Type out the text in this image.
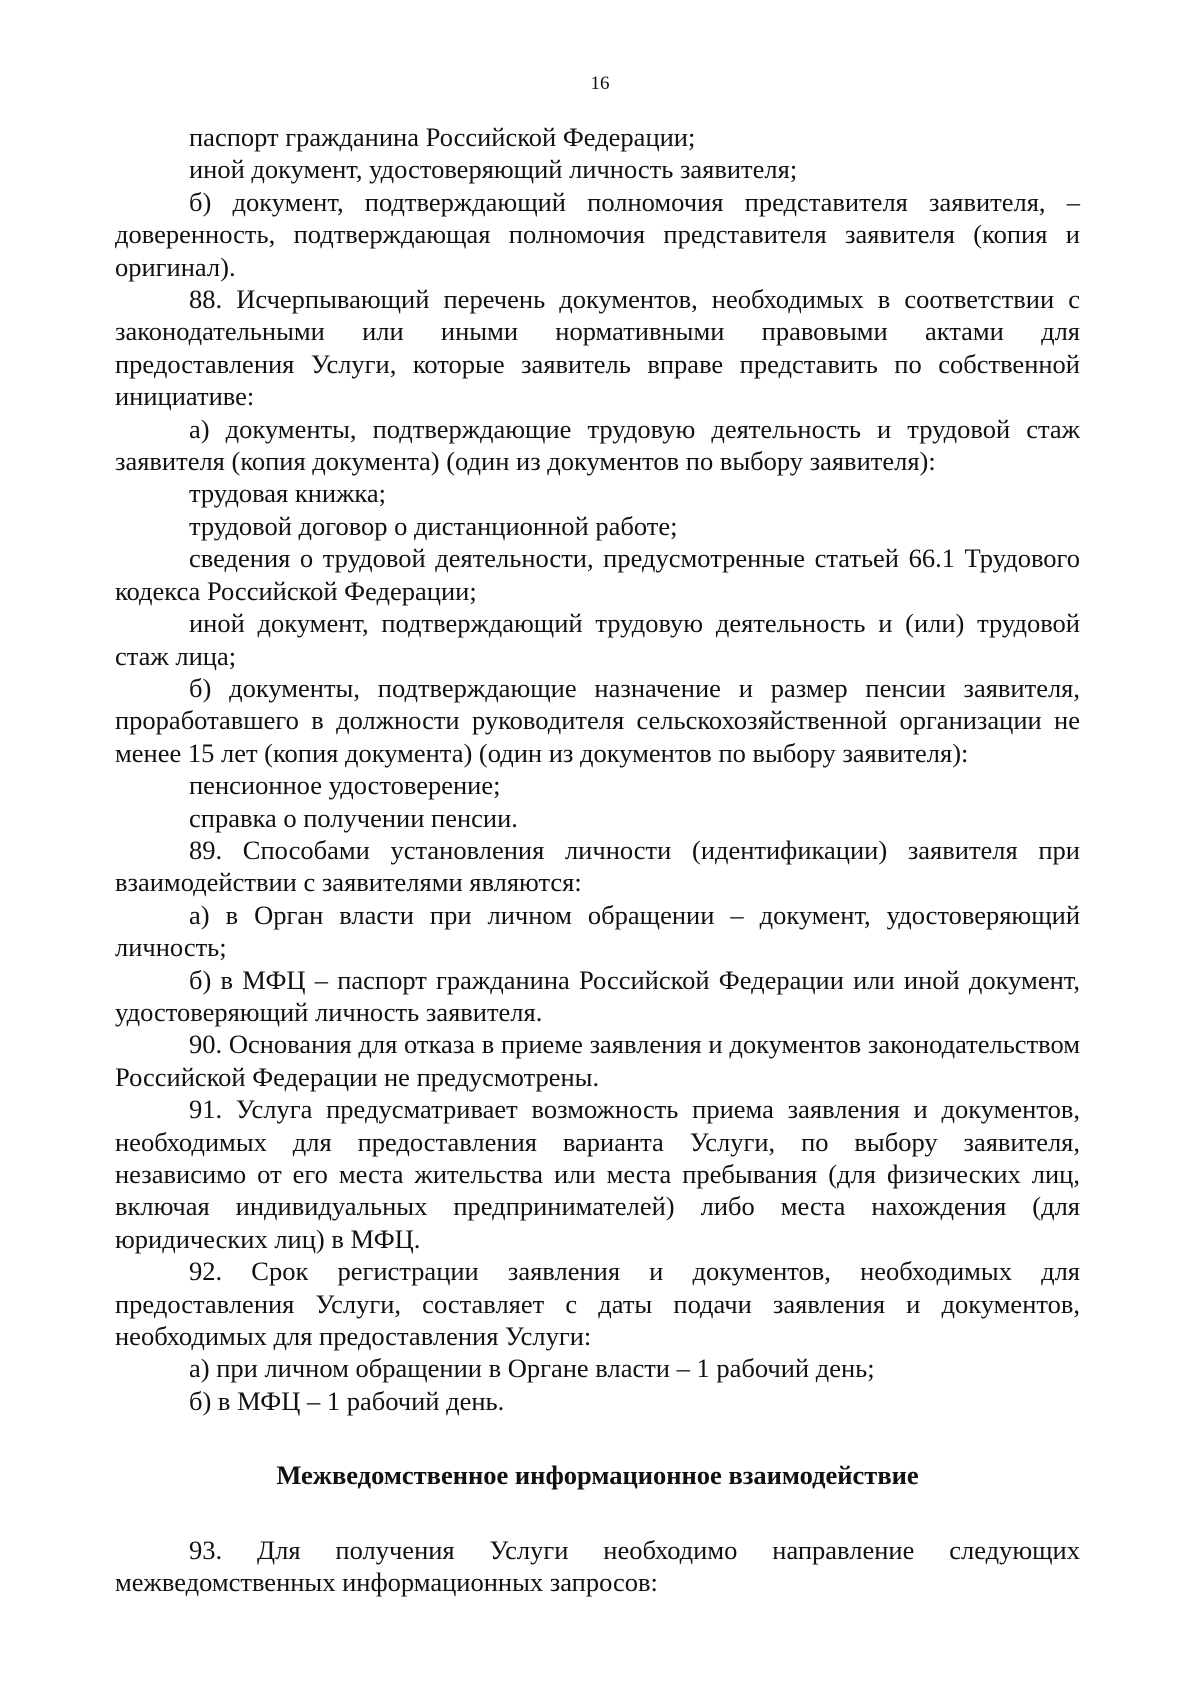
16

паспорт гражданина Российской Федерации;

иной документ, удостоверяющий личность заявителя;

б) документ, подтверждающий полномочия представителя заявителя, – доверенность, подтверждающая полномочия представителя заявителя (копия и оригинал).

88. Исчерпывающий перечень документов, необходимых в соответствии с законодательными или иными нормативными правовыми актами для предоставления Услуги, которые заявитель вправе представить по собственной инициативе:

а) документы, подтверждающие трудовую деятельность и трудовой стаж заявителя (копия документа) (один из документов по выбору заявителя):

трудовая книжка;

трудовой договор о дистанционной работе;

сведения о трудовой деятельности, предусмотренные статьей 66.1 Трудового кодекса Российской Федерации;

иной документ, подтверждающий трудовую деятельность и (или) трудовой стаж лица;

б) документы, подтверждающие назначение и размер пенсии заявителя, проработавшего в должности руководителя сельскохозяйственной организации не менее 15 лет (копия документа) (один из документов по выбору заявителя):

пенсионное удостоверение;

справка о получении пенсии.

89. Способами установления личности (идентификации) заявителя при взаимодействии с заявителями являются:

а) в Орган власти при личном обращении – документ, удостоверяющий личность;

б) в МФЦ – паспорт гражданина Российской Федерации или иной документ, удостоверяющий личность заявителя.

90. Основания для отказа в приеме заявления и документов законодательством Российской Федерации не предусмотрены.

91. Услуга предусматривает возможность приема заявления и документов, необходимых для предоставления варианта Услуги, по выбору заявителя, независимо от его места жительства или места пребывания (для физических лиц, включая индивидуальных предпринимателей) либо места нахождения (для юридических лиц) в МФЦ.

92. Срок регистрации заявления и документов, необходимых для предоставления Услуги, составляет с даты подачи заявления и документов, необходимых для предоставления Услуги:

а) при личном обращении в Органе власти – 1 рабочий день;

б) в МФЦ – 1 рабочий день.

Межведомственное информационное взаимодействие

93. Для получения Услуги необходимо направление следующих межведомственных информационных запросов:
